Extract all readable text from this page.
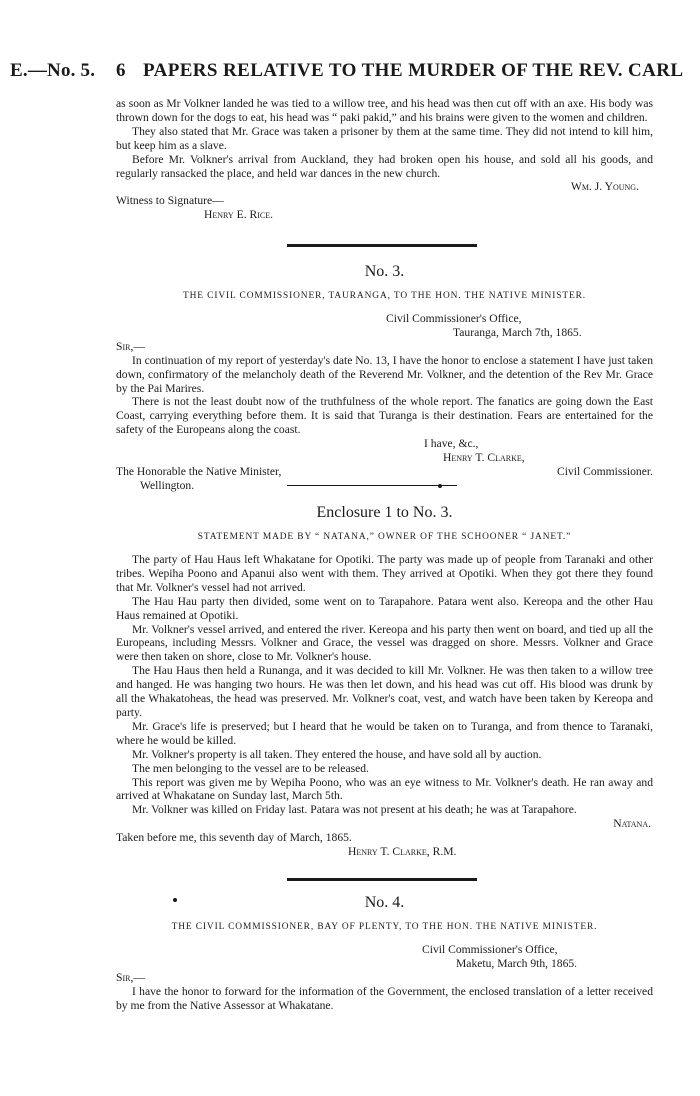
E.—No. 5. 6 PAPERS RELATIVE TO THE MURDER OF THE REV. CARL

as soon as Mr Volkner landed he was tied to a willow tree, and his head was then cut off with an axe. His body was thrown down for the dogs to eat, his head was “ paki pakid,” and his brains were given to the women and children.

They also stated that Mr. Grace was taken a prisoner by them at the same time. They did not intend to kill him, but keep him as a slave.

Before Mr. Volkner's arrival from Auckland, they had broken open his house, and sold all his goods, and regularly ransacked the place, and held war dances in the new church.

Wm. J. Young.

Witness to Signature—

Henry E. Rice.

No. 3.
THE CIVIL COMMISSIONER, TAURANGA, TO THE HON. THE NATIVE MINISTER.
Civil Commissioner's Office,
Tauranga, March 7th, 1865.

Sir,—

In continuation of my report of yesterday's date No. 13, I have the honor to enclose a statement I have just taken down, confirmatory of the melancholy death of the Reverend Mr. Volkner, and the detention of the Rev Mr. Grace by the Pai Marires.

There is not the least doubt now of the truthfulness of the whole report. The fanatics are going down the East Coast, carrying everything before them. It is said that Turanga is their destination. Fears are entertained for the safety of the Europeans along the coast.

I have, &c.,
Henry T. Clarke,
The Honorable the Native Minister,	Civil Commissioner.
Wellington.
Enclosure 1 to No. 3.
STATEMENT MADE BY “ NATANA,” OWNER OF THE SCHOONER “ JANET.”

The party of Hau Haus left Whakatane for Opotiki. The party was made up of people from Taranaki and other tribes. Wepiha Poono and Apanui also went with them. They arrived at Opotiki. When they got there they found that Mr. Volkner's vessel had not arrived.

The Hau Hau party then divided, some went on to Tarapahore. Patara went also. Kereopa and the other Hau Haus remained at Opotiki.

Mr. Volkner's vessel arrived, and entered the river. Kereopa and his party then went on board, and tied up all the Europeans, including Messrs. Volkner and Grace, the vessel was dragged on shore. Messrs. Volkner and Grace were then taken on shore, close to Mr. Volkner's house.

The Hau Haus then held a Runanga, and it was decided to kill Mr. Volkner. He was then taken to a willow tree and hanged. He was hanging two hours. He was then let down, and his head was cut off. His blood was drunk by all the Whakatoheas, the head was preserved. Mr. Volkner's coat, vest, and watch have been taken by Kereopa and party.

Mr. Grace's life is preserved; but I heard that he would be taken on to Turanga, and from thence to Taranaki, where he would be killed.

Mr. Volkner's property is all taken. They entered the house, and have sold all by auction.

The men belonging to the vessel are to be released.

This report was given me by Wepiha Poono, who was an eye witness to Mr. Volkner's death. He ran away and arrived at Whakatane on Sunday last, March 5th.

Mr. Volkner was killed on Friday last. Patara was not present at his death; he was at Tarapahore.

Natana.

Taken before me, this seventh day of March, 1865.

Henry T. Clarke, R.M.

No. 4.
THE CIVIL COMMISSIONER, BAY OF PLENTY, TO THE HON. THE NATIVE MINISTER.
Civil Commissioner's Office,
Maketu, March 9th, 1865.

Sir,—

I have the honor to forward for the information of the Government, the enclosed translation of a letter received by me from the Native Assessor at Whakatane.
